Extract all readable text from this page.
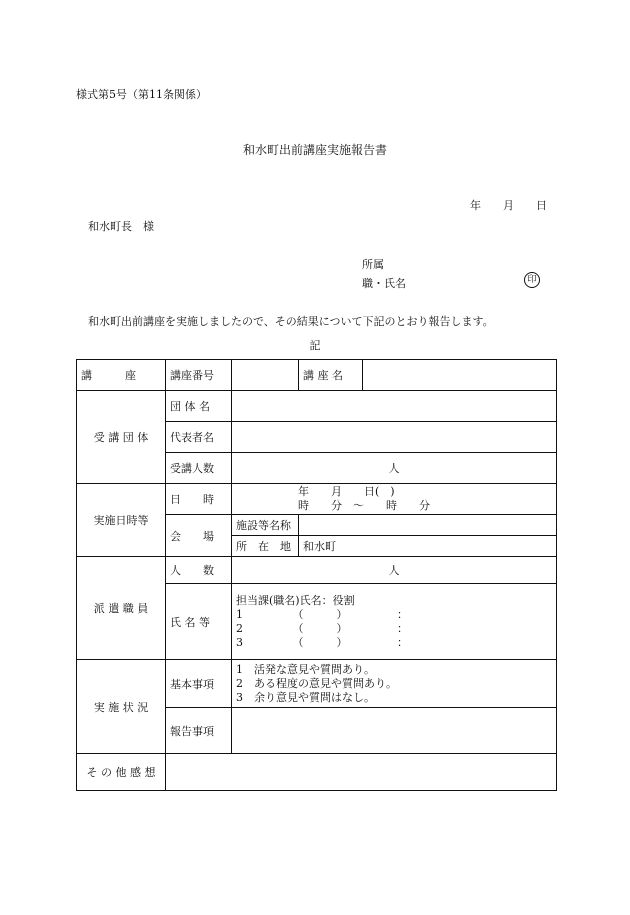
様式第5号（第11条関係）
和水町出前講座実施報告書
年 月 日
和水町長　様
所属
職・氏名	印
和水町出前講座を実施しましたので、その結果について下記のとおり報告します。
記
講　　　座	講座番号		講 座 名	
受 講 団 体	団 体 名			
	代表者名			
	受講人数	人		
実施日時等	日　　時	年　　月　　日(　)
時　　分　～　　時　　分		

	会　　場	施設等名称		
		所　在　地	和水町	
派 遣 職 員	人　　数	人		
	氏 名 等	担当課(職名)氏名：役割
1　　　　　（　　　）　　　　　：
2　　　　　（　　　）　　　　　：
3　　　　　（　　　）　　　　　：		

実 施 状 況	基本事項	1　活発な意見や質問あり。
2　ある程度の意見や質問あり。
3　余り意見や質問はなし。		

	報告事項			
そ の 他 感 想				
